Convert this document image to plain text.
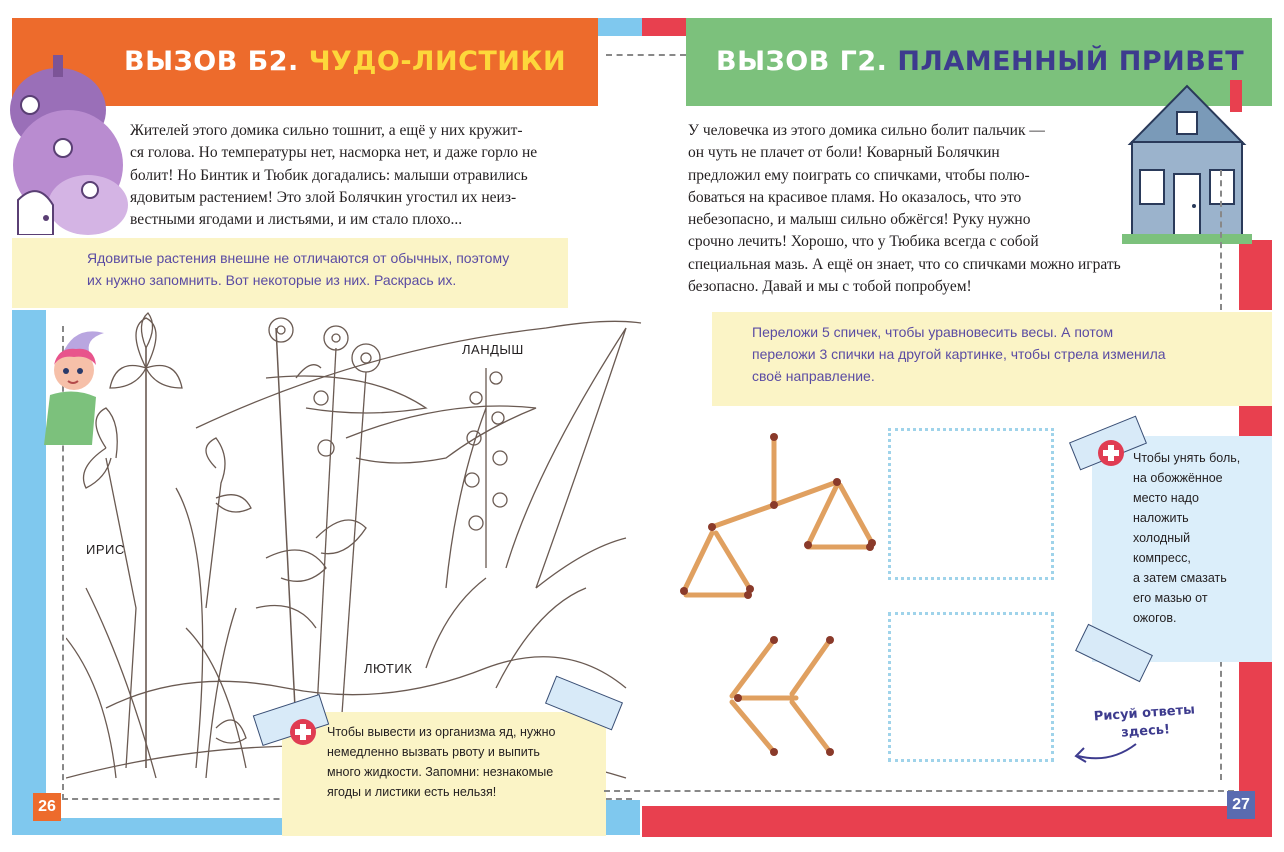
ВЫЗОВ Б2. ЧУДО-ЛИСТИКИ
Жителей этого домика сильно тошнит, а ещё у них кружит-
ся голова. Но температуры нет, насморка нет, и даже горло не
болит! Но Бинтик и Тюбик догадались: малыши отравились
ядовитым растением! Это злой Болячкин угостил их неиз-
вестными ягодами и листьями, и им стало плохо...
Ядовитые растения внешне не отличаются от обычных, поэтому
их нужно запомнить. Вот некоторые из них. Раскрась их.
ИРИС
ЛЮТИК
ЛАНДЫШ
Чтобы вывести из организма яд, нужно
немедленно вызвать рвоту и выпить
много жидкости. Запомни: незнакомые
ягоды и листики есть нельзя!
26
ВЫЗОВ Г2. ПЛАМЕННЫЙ ПРИВЕТ
У человечка из этого домика сильно болит пальчик —
он чуть не плачет от боли! Коварный Болячкин
предложил ему поиграть со спичками, чтобы полю-
боваться на красивое пламя. Но оказалось, что это
небезопасно, и малыш сильно обжёгся! Руку нужно
срочно лечить! Хорошо, что у Тюбика всегда с собой
специальная мазь. А ещё он знает, что со спичками можно играть
безопасно. Давай и мы с тобой попробуем!
Переложи 5 спичек, чтобы уравновесить весы. А потом
переложи 3 спички на другой картинке, чтобы стрела изменила
своё направление.
Чтобы унять боль,
на обожжённое
место надо
наложить
холодный
компресс,
а затем смазать
его мазью от
ожогов.
Рисуй ответы
здесь!
27
